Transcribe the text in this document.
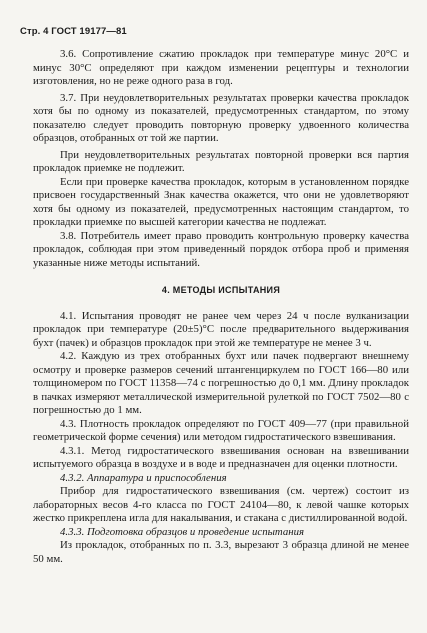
Стр. 4 ГОСТ 19177—81

3.6. Сопротивление сжатию прокладок при температуре минус 20°С и минус 30°С определяют при каждом изменении рецептуры и технологии изготовления, но не реже одного раза в год.

3.7. При неудовлетворительных результатах проверки качества прокладок хотя бы по одному из показателей, предусмотренных стандартом, по этому показателю следует проводить повторную проверку удвоенного количества образцов, отобранных от той же партии.

При неудовлетворительных результатах повторной проверки вся партия прокладок приемке не подлежит.

Если при проверке качества прокладок, которым в установленном порядке присвоен государственный Знак качества окажется, что они не удовлетворяют хотя бы одному из показателей, предусмотренных настоящим стандартом, то прокладки приемке по высшей категории качества не подлежат.

3.8. Потребитель имеет право проводить контрольную проверку качества прокладок, соблюдая при этом приведенный порядок отбора проб и применяя указанные ниже методы испытаний.

4. МЕТОДЫ ИСПЫТАНИЯ

4.1. Испытания проводят не ранее чем через 24 ч после вулканизации прокладок при температуре (20±5)°С после предварительного выдерживания бухт (пачек) и образцов прокладок при этой же температуре не менее 3 ч.

4.2. Каждую из трех отобранных бухт или пачек подвергают внешнему осмотру и проверке размеров сечений штангенциркулем по ГОСТ 166—80 или толщиномером по ГОСТ 11358—74 с погрешностью до 0,1 мм. Длину прокладок в пачках измеряют металлической измерительной рулеткой по ГОСТ 7502—80 с погрешностью до 1 мм.

4.3. Плотность прокладок определяют по ГОСТ 409—77 (при правильной геометрической форме сечения) или методом гидростатического взвешивания.

4.3.1. Метод гидростатического взвешивания основан на взвешивании испытуемого образца в воздухе и в воде и предназначен для оценки плотности.

4.3.2. Аппаратура и приспособления

Прибор для гидростатического взвешивания (см. чертеж) состоит из лабораторных весов 4-го класса по ГОСТ 24104—80, к левой чашке которых жестко прикреплена игла для накалывания, и стакана с дистиллированной водой.

4.3.3. Подготовка образцов и проведение испытания

Из прокладок, отобранных по п. 3.3, вырезают 3 образца длиной не менее 50 мм.
